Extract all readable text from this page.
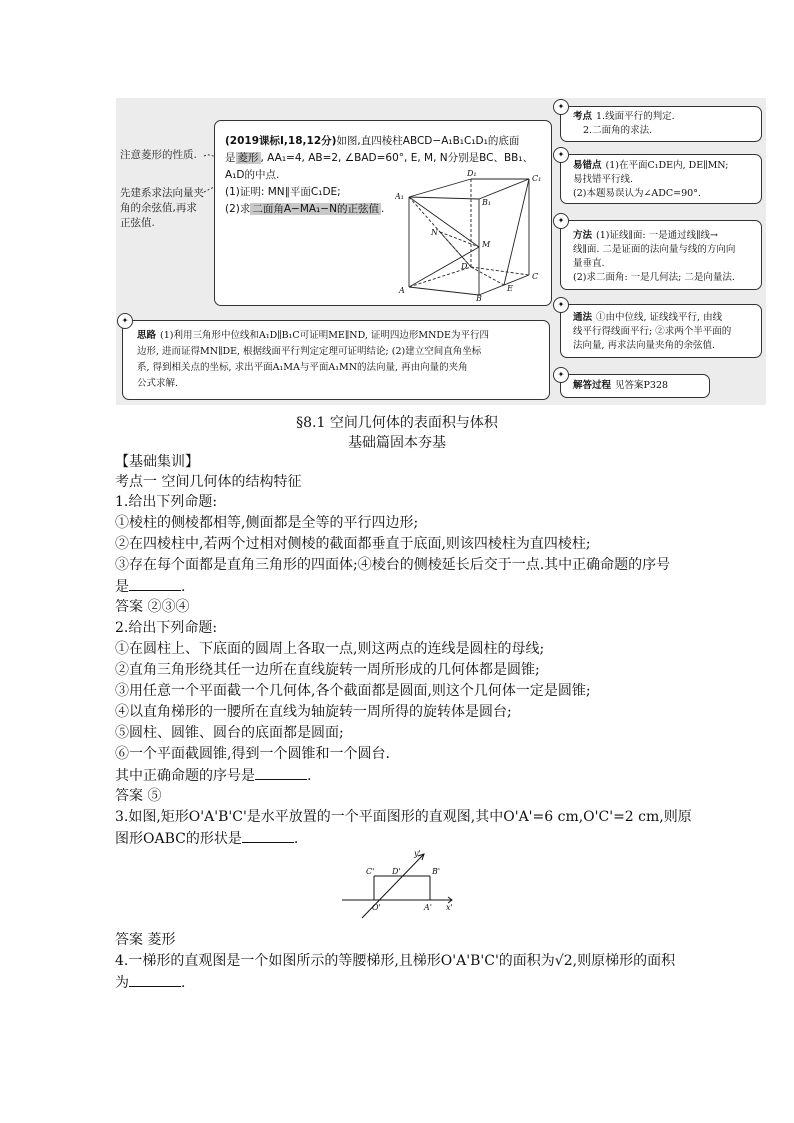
注意菱形的性质.
先建系求法向量夹角的余弦值,再求正弦值.
(2019课标Ⅰ,18,12分)如图,直四棱柱ABCD−A₁B₁C₁D₁的底面
是 菱形 , AA₁=4, AB=2, ∠BAD=60°, E, M, N分别是BC、BB₁、
A₁D的中点.
(1)证明: MN∥平面C₁DE;
(2)求 二面角A−MA₁−N的正弦值 .
D₁
C₁
A₁
B₁
N
M
D
C
A
B
E
✦
考点 1.线面平行的判定.
2.二面角的求法.
✦
易错点 (1)在平面C₁DE内, DE∥MN;
易找错平行线.
(2)本题易误认为∠ADC=90°.
✦
方法 (1)证线∥面: 一是通过线∥线→
线∥面. 二是证面的法向量与线的方向向
量垂直.
(2)求二面角: 一是几何法; 二是向量法.
✦
通法 ①由中位线, 证线线平行, 由线
线平行得线面平行; ②求两个半平面的
法向量, 再求法向量夹角的余弦值.
✦
解答过程 见答案P328
✦
思路 (1)利用三角形中位线和A₁D∥B₁C可证明ME∥ND, 证明四边形MNDE为平行四
边形, 进而证得MN∥DE, 根据线面平行判定定理可证明结论; (2)建立空间直角坐标
系, 得到相关点的坐标, 求出平面A₁MA与平面A₁MN的法向量, 再由向量的夹角
公式求解.
§8.1 空间几何体的表面积与体积
基础篇固本夯基
【基础集训】
考点一 空间几何体的结构特征
1.给出下列命题:
①棱柱的侧棱都相等,侧面都是全等的平行四边形;
②在四棱柱中,若两个过相对侧棱的截面都垂直于底面,则该四棱柱为直四棱柱;
③存在每个面都是直角三角形的四面体;④棱台的侧棱延长后交于一点.其中正确命题的序号
是	.
答案 ②③④
2.给出下列命题:
①在圆柱上、下底面的圆周上各取一点,则这两点的连线是圆柱的母线;
②直角三角形绕其任一边所在直线旋转一周所形成的几何体都是圆锥;
③用任意一个平面截一个几何体,各个截面都是圆面,则这个几何体一定是圆锥;
④以直角梯形的一腰所在直线为轴旋转一周所得的旋转体是圆台;
⑤圆柱、圆锥、圆台的底面都是圆面;
⑥一个平面截圆锥,得到一个圆锥和一个圆台.
其中正确命题的序号是	.
答案 ⑤
3.如图,矩形O'A'B'C'是水平放置的一个平面图形的直观图,其中O'A'=6 cm,O'C'=2 cm,则原
图形OABC的形状是	.
y'
C' D'	B'
O'	A' x'
答案 菱形
4.一梯形的直观图是一个如图所示的等腰梯形,且梯形O'A'B'C'的面积为√2,则原梯形的面积
为	.
